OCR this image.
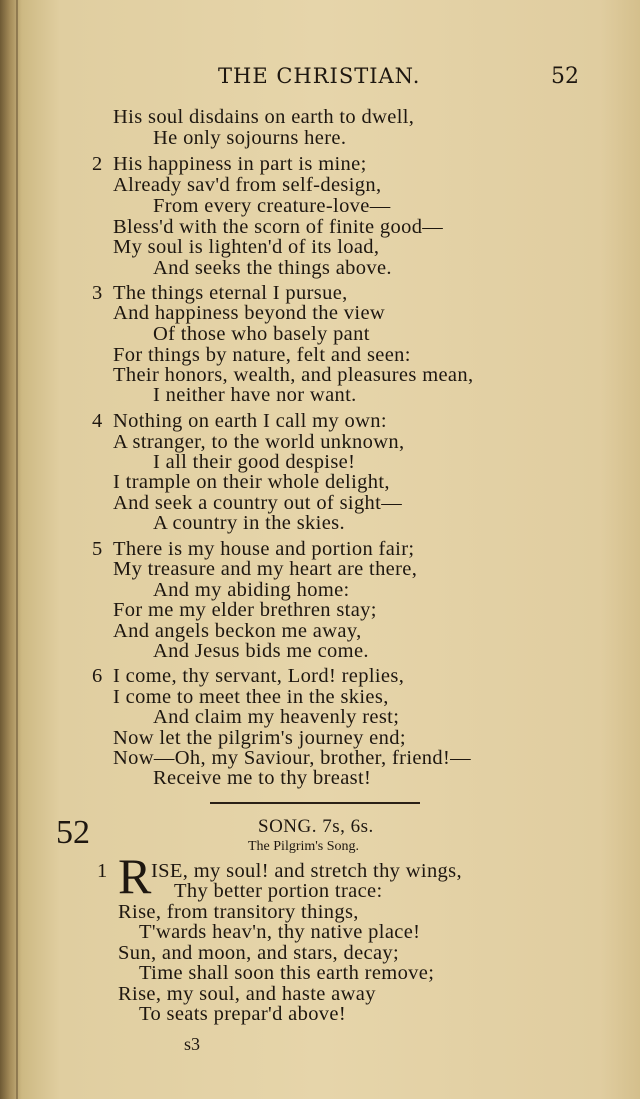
THE CHRISTIAN.	52
His soul disdains on earth to dwell,
He only sojourns here.
2 His happiness in part is mine;
Already sav'd from self-design,
From every creature-love—
Bless'd with the scorn of finite good—
My soul is lighten'd of its load,
And seeks the things above.
3 The things eternal I pursue,
And happiness beyond the view
Of those who basely pant
For things by nature, felt and seen:
Their honors, wealth, and pleasures mean,
I neither have nor want.
4 Nothing on earth I call my own:
A stranger, to the world unknown,
I all their good despise!
I trample on their whole delight,
And seek a country out of sight—
A country in the skies.
5 There is my house and portion fair;
My treasure and my heart are there,
And my abiding home:
For me my elder brethren stay;
And angels beckon me away,
And Jesus bids me come.
6 I come, thy servant, Lord! replies,
I come to meet thee in the skies,
And claim my heavenly rest;
Now let the pilgrim's journey end;
Now—Oh, my Saviour, brother, friend!—
Receive me to thy breast!
52	SONG. 7s, 6s.
The Pilgrim's Song.
1 R ISE, my soul! and stretch thy wings,
Thy better portion trace:
Rise, from transitory things,
T'wards heav'n, thy native place!
Sun, and moon, and stars, decay;
Time shall soon this earth remove;
Rise, my soul, and haste away
To seats prepar'd above!
s3
